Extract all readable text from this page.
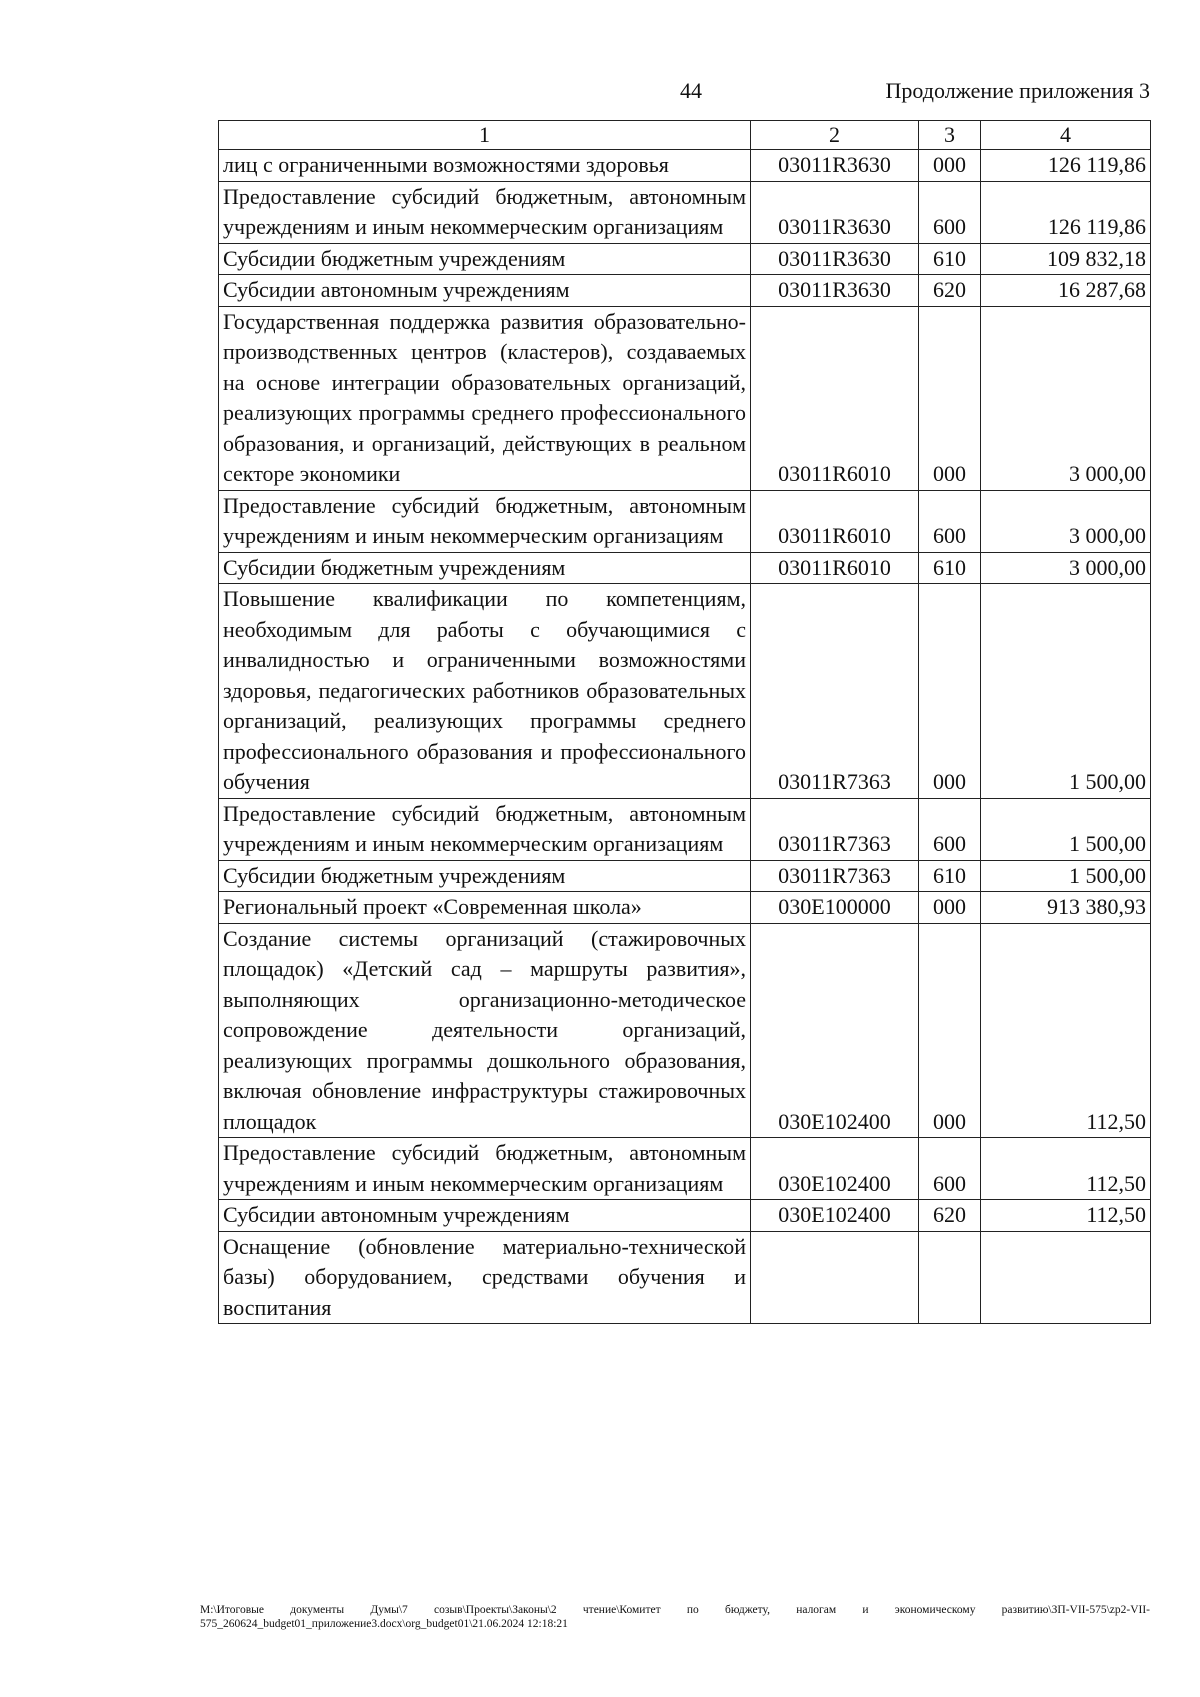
44	Продолжение приложения 3
1	2	3	4
лиц с ограниченными возможностями здоровья	03011R3630	000	126 119,86
Предоставление субсидий бюджетным, автономным учреждениям и иным некоммерческим организациям	03011R3630	600	126 119,86
Субсидии бюджетным учреждениям	03011R3630	610	109 832,18
Субсидии автономным учреждениям	03011R3630	620	16 287,68
Государственная поддержка развития образовательно-производственных центров (кластеров), создаваемых на основе интеграции образовательных организаций, реализующих программы среднего профессионального образования, и организаций, действующих в реальном секторе экономики	03011R6010	000	3 000,00
Предоставление субсидий бюджетным, автономным учреждениям и иным некоммерческим организациям	03011R6010	600	3 000,00
Субсидии бюджетным учреждениям	03011R6010	610	3 000,00
Повышение квалификации по компетенциям, необходимым для работы с обучающимися с инвалидностью и ограниченными возможностями здоровья, педагогических работников образовательных организаций, реализующих программы среднего профессионального образования и профессионального обучения	03011R7363	000	1 500,00
Предоставление субсидий бюджетным, автономным учреждениям и иным некоммерческим организациям	03011R7363	600	1 500,00
Субсидии бюджетным учреждениям	03011R7363	610	1 500,00
Региональный проект «Современная школа»	030E100000	000	913 380,93
Создание системы организаций (стажировочных площадок) «Детский сад – маршруты развития», выполняющих организационно-методическое сопровождение деятельности организаций, реализующих программы дошкольного образования, включая обновление инфраструктуры стажировочных площадок	030E102400	000	112,50
Предоставление субсидий бюджетным, автономным учреждениям и иным некоммерческим организациям	030E102400	600	112,50
Субсидии автономным учреждениям	030E102400	620	112,50
Оснащение (обновление материально-технической базы) оборудованием, средствами обучения и воспитания			
М:\Итоговые документы Думы\7 созыв\Проекты\Законы\2 чтение\Комитет по бюджету, налогам и экономическому развитию\ЗП-VII-575\zp2-VII-575_260624_budget01_приложение3.docx\org_budget01\21.06.2024 12:18:21
